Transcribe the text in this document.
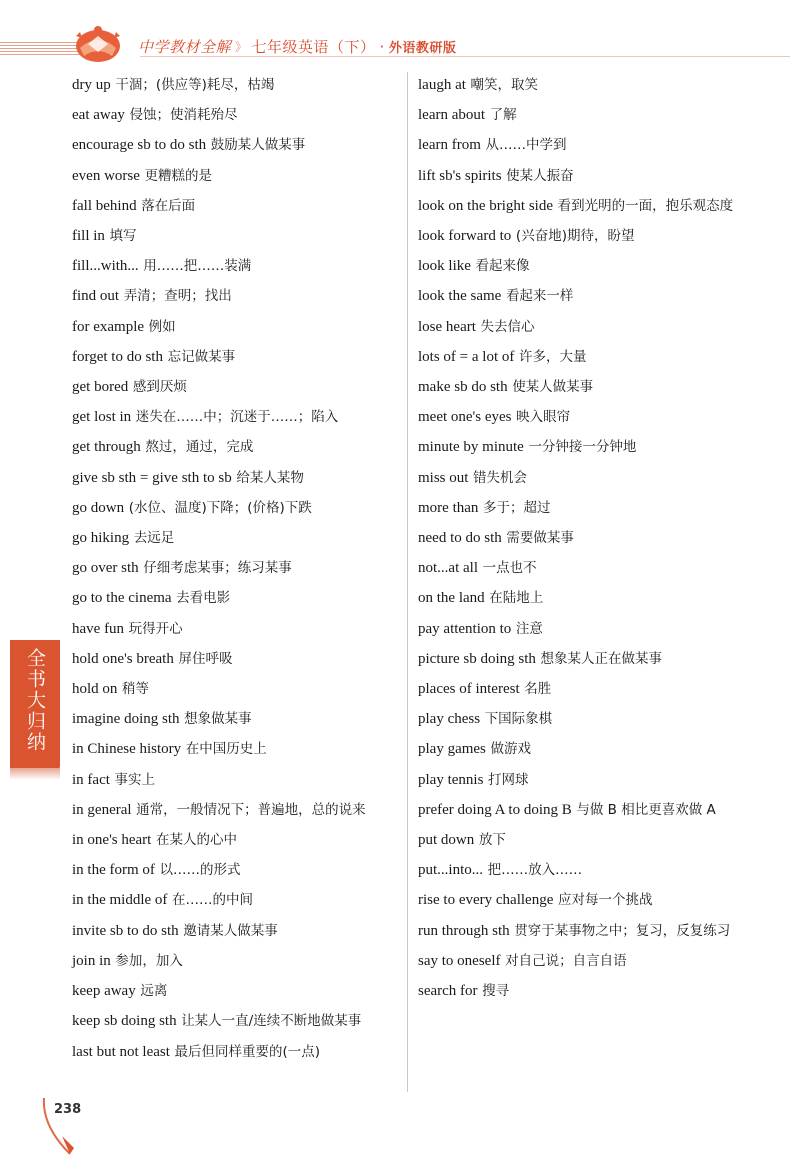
中学教材全解 》 七年级英语（下） · 外语教研版
dry up 干涸；(供应等)耗尽，枯竭
eat away 侵蚀；使消耗殆尽
encourage sb to do sth 鼓励某人做某事
even worse 更糟糕的是
fall behind 落在后面
fill in 填写
fill...with... 用……把……装满
find out 弄清；查明；找出
for example 例如
forget to do sth 忘记做某事
get bored 感到厌烦
get lost in 迷失在……中；沉迷于……；陷入
get through 熬过，通过，完成
give sb sth = give sth to sb 给某人某物
go down (水位、温度)下降；(价格)下跌
go hiking 去远足
go over sth 仔细考虑某事；练习某事
go to the cinema 去看电影
have fun 玩得开心
hold one's breath 屏住呼吸
hold on 稍等
imagine doing sth 想象做某事
in Chinese history 在中国历史上
in fact 事实上
in general 通常，一般情况下；普遍地，总的说来
in one's heart 在某人的心中
in the form of 以……的形式
in the middle of 在……的中间
invite sb to do sth 邀请某人做某事
join in 参加，加入
keep away 远离
keep sb doing sth 让某人一直/连续不断地做某事
last but not least 最后但同样重要的(一点)
laugh at 嘲笑，取笑
learn about 了解
learn from 从……中学到
lift sb's spirits 使某人振奋
look on the bright side 看到光明的一面，抱乐观态度
look forward to (兴奋地)期待，盼望
look like 看起来像
look the same 看起来一样
lose heart 失去信心
lots of = a lot of 许多，大量
make sb do sth 使某人做某事
meet one's eyes 映入眼帘
minute by minute 一分钟接一分钟地
miss out 错失机会
more than 多于；超过
need to do sth 需要做某事
not...at all 一点也不
on the land 在陆地上
pay attention to 注意
picture sb doing sth 想象某人正在做某事
places of interest 名胜
play chess 下国际象棋
play games 做游戏
play tennis 打网球
prefer doing A to doing B 与做 B 相比更喜欢做 A
put down 放下
put...into... 把……放入……
rise to every challenge 应对每一个挑战
run through sth 贯穿于某事物之中；复习，反复练习
say to oneself 对自己说；自言自语
search for 搜寻
全书大归纳
238
